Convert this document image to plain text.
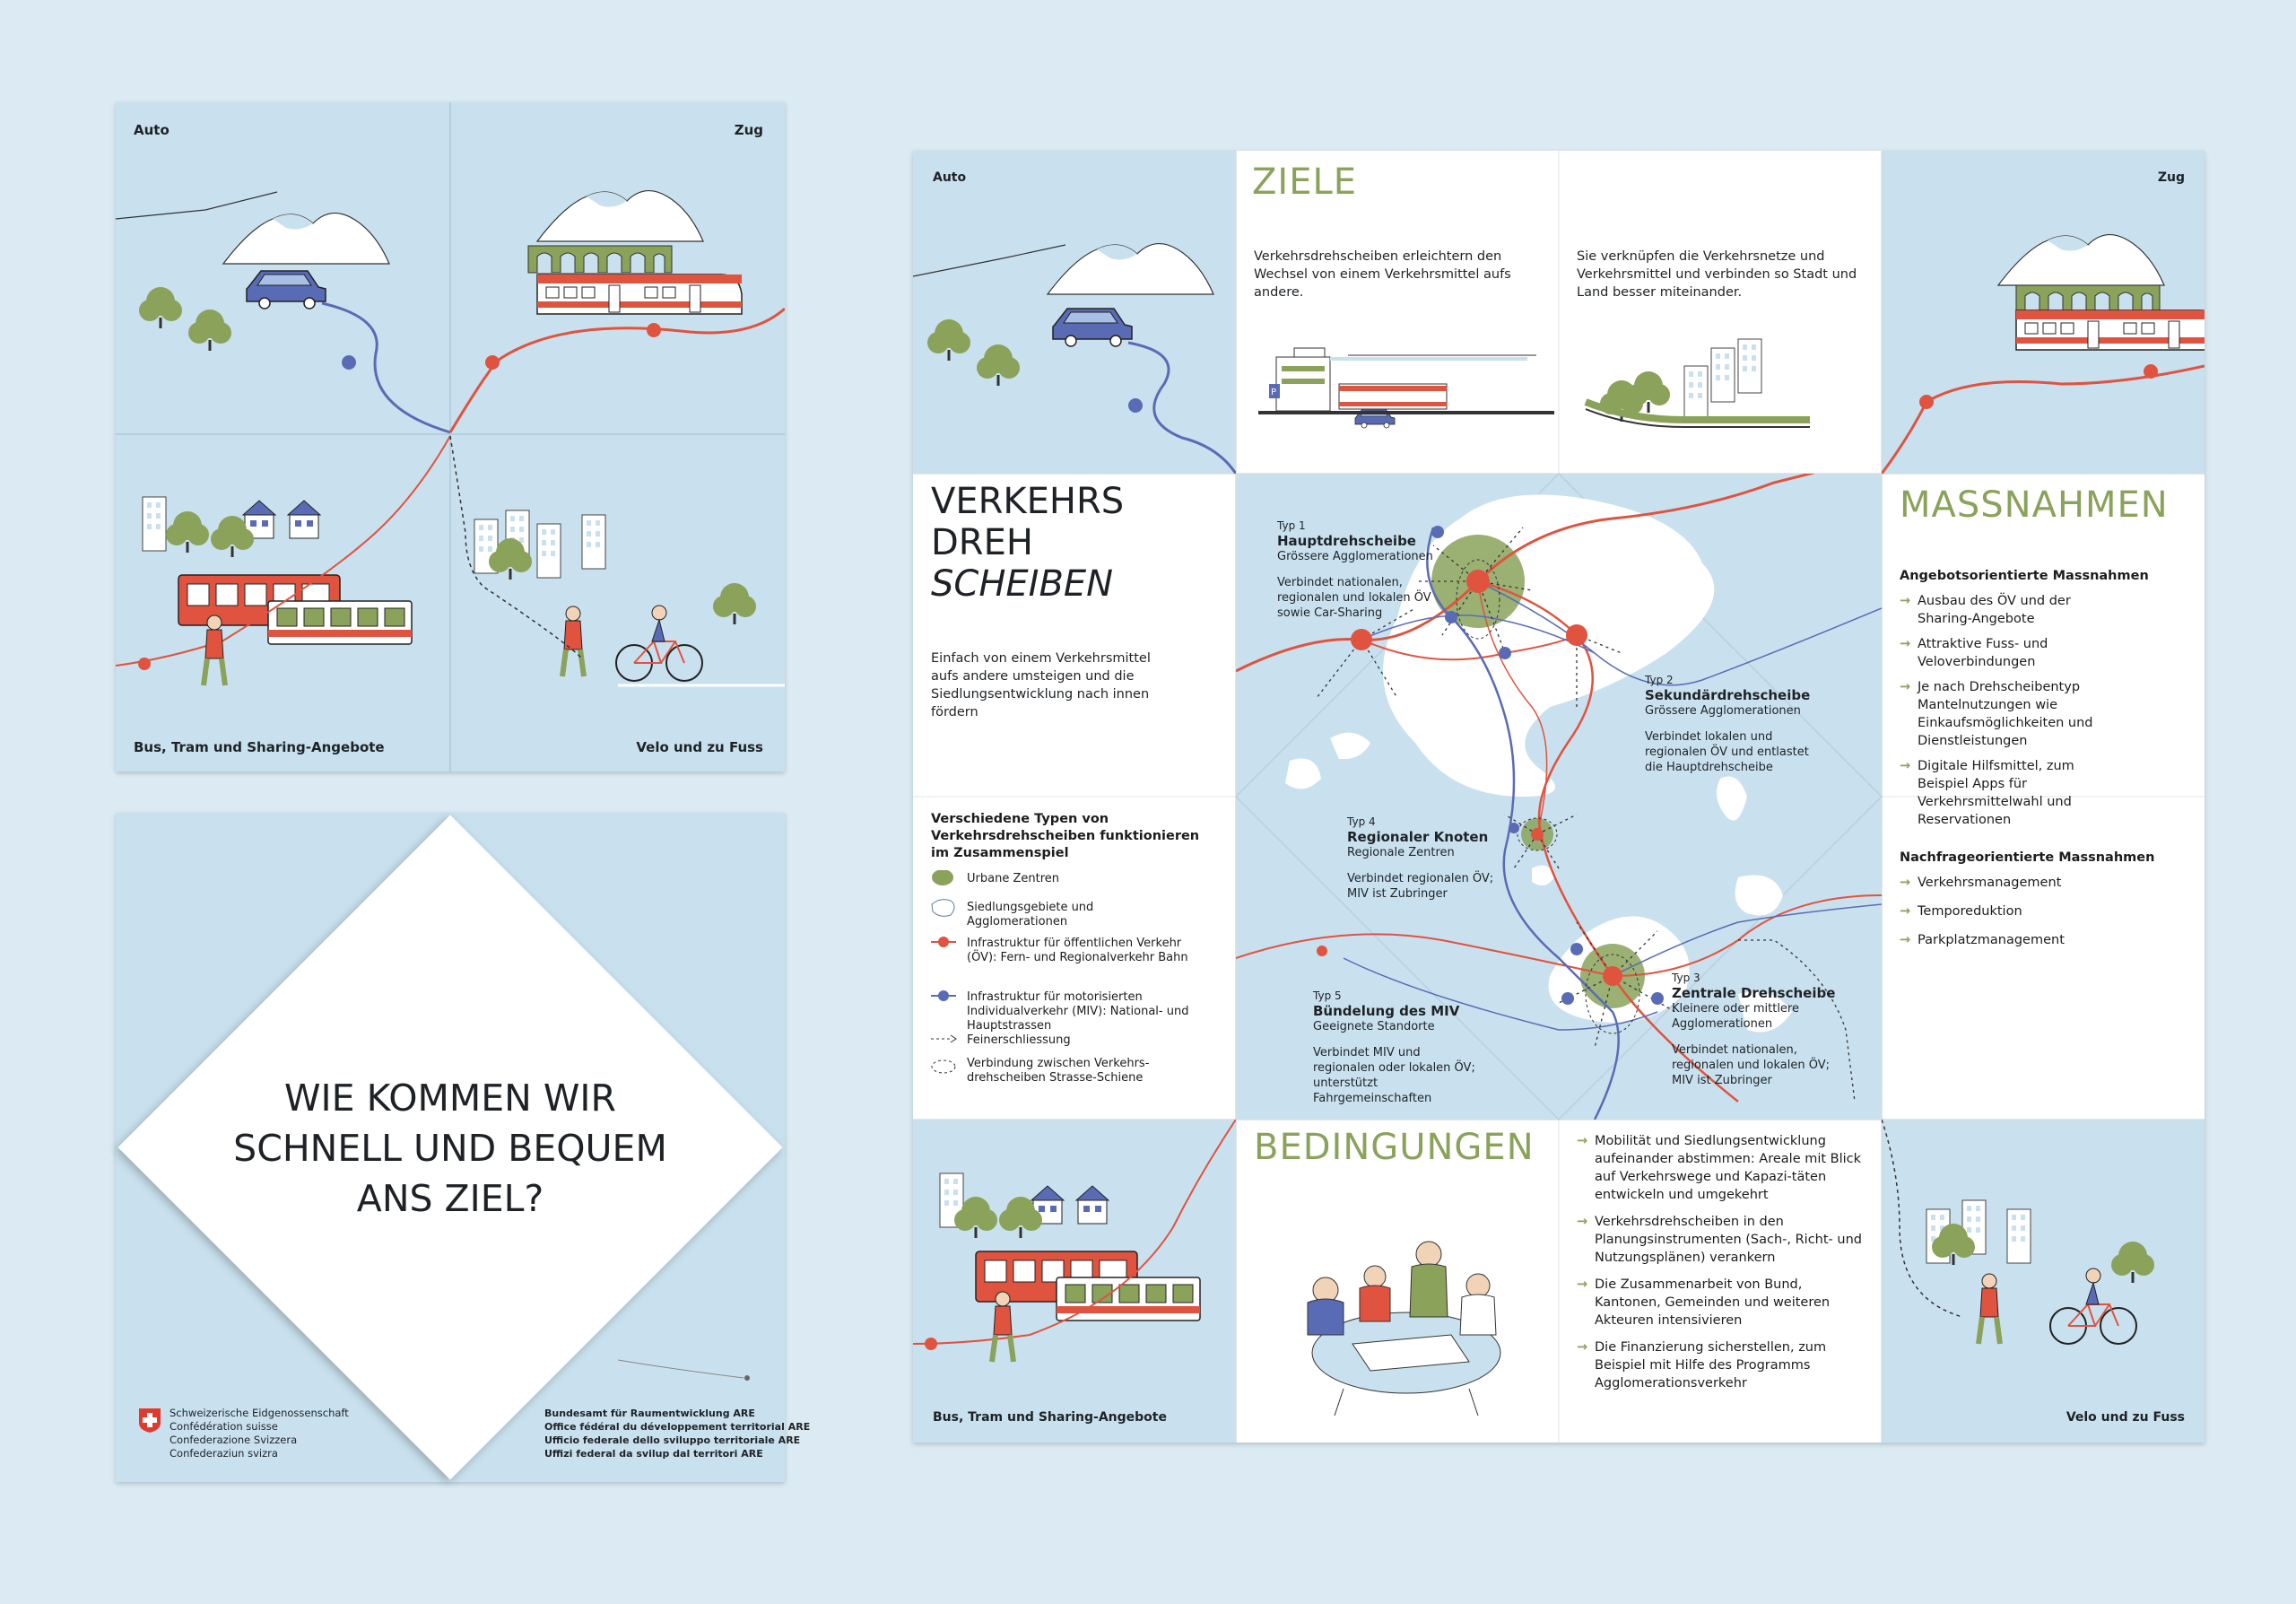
Auto	Zug
Bus, Tram und Sharing-Angebote	Velo und zu Fuss
WIE KOMMEN WIR
SCHNELL UND BEQUEM
ANS ZIEL?
Schweizerische Eidgenossenschaft
Confédération suisse
Confederazione Svizzera
Confederaziun svizra
Bundesamt für Raumentwicklung ARE
Office fédéral du développement territorial ARE
Ufficio federale dello sviluppo territoriale ARE
Uffizi federal da svilup dal territori ARE
P
Auto	Zug
Bus, Tram und Sharing-Angebote	Velo und zu Fuss
ZIELE
Verkehrsdrehscheiben erleichtern den Wechsel von einem Verkehrsmittel aufs andere.
Sie verknüpfen die Verkehrsnetze und Verkehrsmittel und verbinden so Stadt und Land besser miteinander.
VERKEHRS
DREH
SCHEIBEN
Einfach von einem Verkehrsmittel aufs andere umsteigen und die Siedlungsentwicklung nach innen fördern
Verschiedene Typen von Verkehrsdrehscheiben funktionieren im Zusammenspiel
Urbane Zentren
Siedlungsgebiete und Agglomerationen
Infrastruktur für öffentlichen Verkehr (ÖV): Fern- und Regionalverkehr Bahn
Infrastruktur für motorisierten Individualverkehr (MIV): National- und Hauptstrassen
Feinerschliessung
Verbindung zwischen Verkehrs-drehscheiben Strasse-Schiene
Typ 1
Hauptdrehscheibe
Grössere Agglomerationen
Verbindet nationalen, regionalen und lokalen ÖV sowie Car-Sharing
Typ 2
Sekundärdrehscheibe
Grössere Agglomerationen
Verbindet lokalen und regionalen ÖV und entlastet die Hauptdrehscheibe
Typ 3
Zentrale Drehscheibe
Kleinere oder mittlere Agglomerationen
Verbindet nationalen, regionalen und lokalen ÖV; MIV ist Zubringer
Typ 4
Regionaler Knoten
Regionale Zentren
Verbindet regionalen ÖV; MIV ist Zubringer
Typ 5
Bündelung des MIV
Geeignete Standorte
Verbindet MIV und regionalen oder lokalen ÖV; unterstützt Fahrgemeinschaften
MASSNAHMEN
Angebotsorientierte Massnahmen
→ Ausbau des ÖV und der Sharing-Angebote
→ Attraktive Fuss- und Veloverbindungen
→ Je nach Drehscheibentyp Mantelnutzungen wie Einkaufsmöglichkeiten und Dienstleistungen
→ Digitale Hilfsmittel, zum Beispiel Apps für Verkehrsmittelwahl und Reservationen
Nachfrageorientierte Massnahmen
→ Verkehrsmanagement
→ Temporeduktion
→ Parkplatzmanagement
BEDINGUNGEN
→	Mobilität und Siedlungsentwicklung aufeinander abstimmen: Areale mit Blick auf Verkehrswege und Kapazi-täten entwickeln und umgekehrt
→ Verkehrsdrehscheiben in den Planungsinstrumenten (Sach-, Richt- und Nutzungsplänen) verankern
→ Die Zusammenarbeit von Bund, Kantonen, Gemeinden und weiteren Akteuren intensivieren
→ Die Finanzierung sicherstellen, zum Beispiel mit Hilfe des Programms Agglomerationsverkehr
